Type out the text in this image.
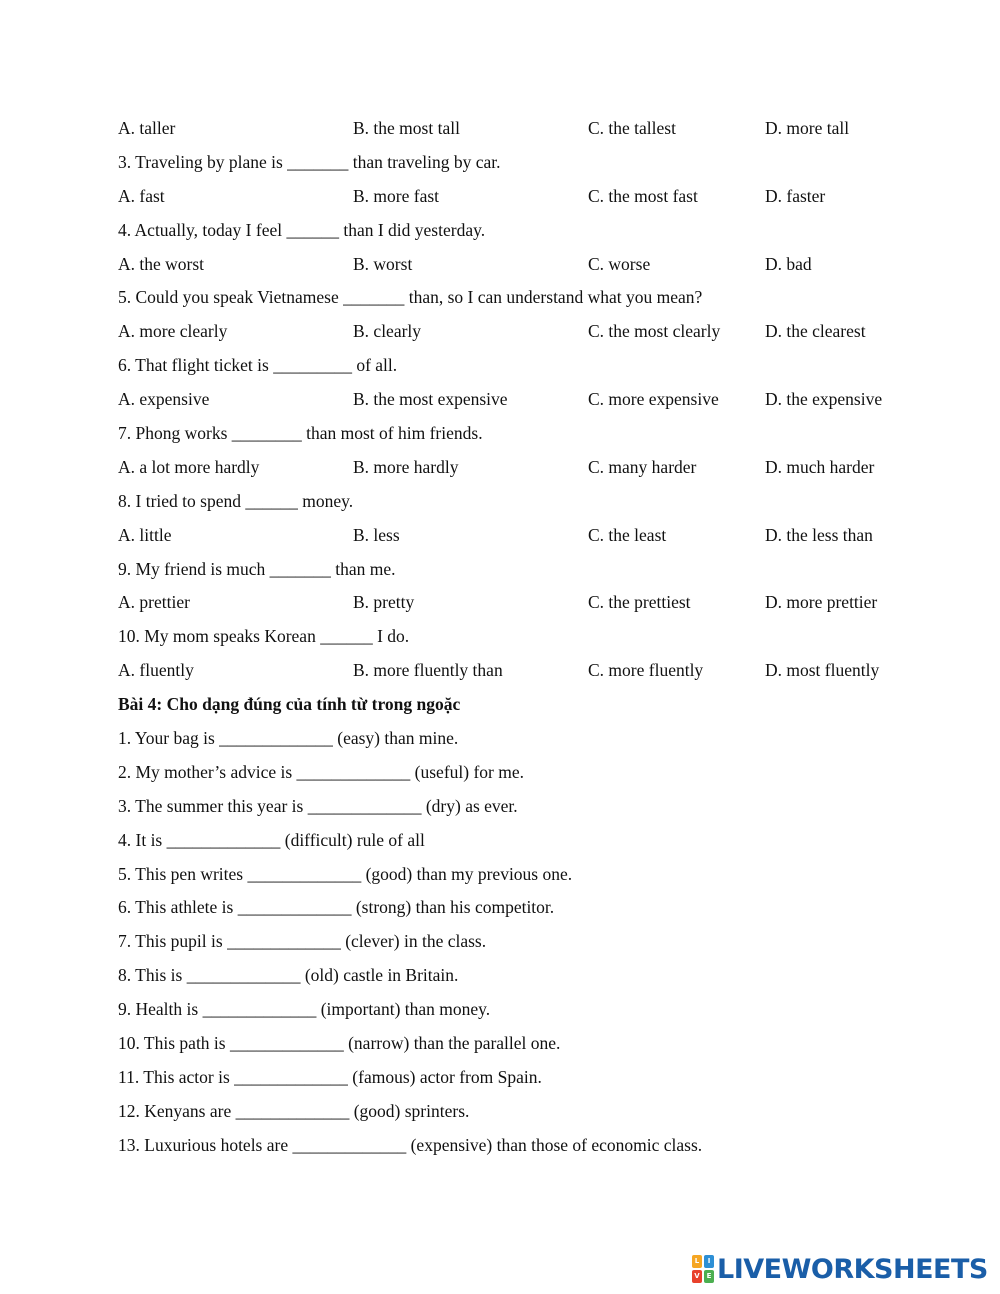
A. taller	B. the most tall	C. the tallest	D. more tall
3. Traveling by plane is _______ than traveling by car.
A. fast	B. more fast	C. the most fast	D. faster
4. Actually, today I feel ______ than I did yesterday.
A. the worst	B. worst	C. worse	D. bad
5. Could you speak Vietnamese _______ than, so I can understand what you mean?
A. more clearly	B. clearly	C. the most clearly	D. the clearest
6. That flight ticket is _________ of all.
A. expensive	B. the most expensive	C. more expensive	D. the expensive
7. Phong works ________ than most of him friends.
A. a lot more hardly	B. more hardly	C. many harder	D. much harder
8. I tried to spend ______ money.
A. little	B. less	C. the least	D. the less than
9. My friend is much _______ than me.
A. prettier	B. pretty	C. the prettiest	D. more prettier
10. My mom speaks Korean ______ I do.
A. fluently	B. more fluently than	C. more fluently	D. most fluently
Bài 4: Cho dạng đúng của tính từ trong ngoặc
1. Your bag is _____________ (easy) than mine.
2. My mother’s advice is _____________ (useful) for me.
3. The summer this year is _____________ (dry) as ever.
4. It is _____________ (difficult) rule of all
5. This pen writes _____________ (good) than my previous one.
6. This athlete is _____________ (strong) than his competitor.
7. This pupil is _____________ (clever) in the class.
8. This is _____________ (old) castle in Britain.
9. Health is _____________ (important) than money.
10. This path is _____________ (narrow) than the parallel one.
11. This actor is _____________ (famous) actor from Spain.
12. Kenyans are _____________ (good) sprinters.
13. Luxurious hotels are _____________ (expensive) than those of economic class.
L	I
V E LIVEWORKSHEETS
